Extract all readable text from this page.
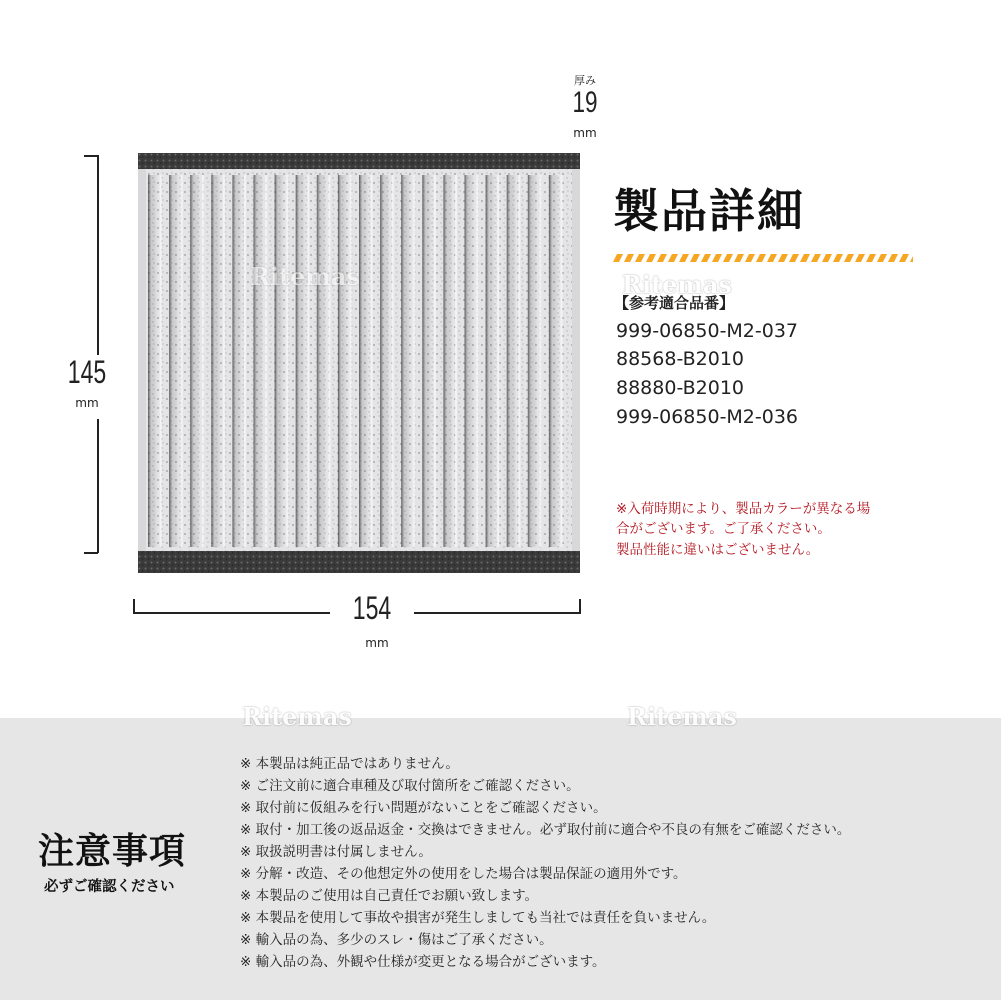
厚み
19
mm
145
mm
154
mm
製品詳細
Ritemas
【参考適合品番】
999-06850-M2-037
88568-B2010
88880-B2010
999-06850-M2-036
※入荷時期により、製品カラーが異なる場
合がございます。ご了承ください。
製品性能に違いはございません。
Ritemas
Ritemas	Ritemas
注意事項
必ずご確認ください
※ 本製品は純正品ではありません。
※ ご注文前に適合車種及び取付箇所をご確認ください。
※ 取付前に仮組みを行い問題がないことをご確認ください。
※ 取付・加工後の返品返金・交換はできません。必ず取付前に適合や不良の有無をご確認ください。
※ 取扱説明書は付属しません。
※ 分解・改造、その他想定外の使用をした場合は製品保証の適用外です。
※ 本製品のご使用は自己責任でお願い致します。
※ 本製品を使用して事故や損害が発生しましても当社では責任を負いません。
※ 輸入品の為、多少のスレ・傷はご了承ください。
※ 輸入品の為、外観や仕様が変更となる場合がございます。
